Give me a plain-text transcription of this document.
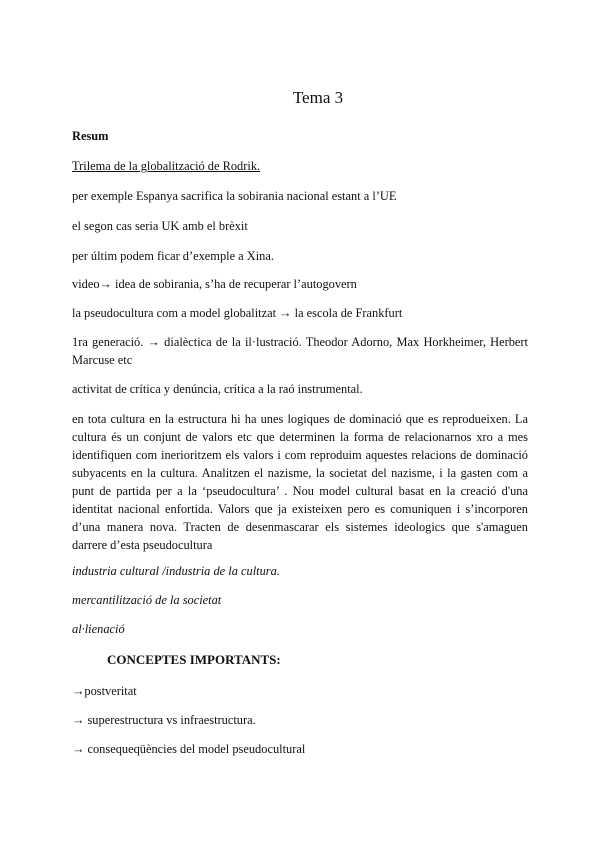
Tema 3

Resum

Trilema de la globalització de Rodrik.

per exemple Espanya sacrifica la sobirania nacional estant a l’UE

el segon cas seria UK amb el brèxit

per últim podem ficar d’exemple a Xina.

video→ idea de sobirania, s’ha de recuperar l’autogovern

la pseudocultura com a model globalitzat → la escola de Frankfurt

1ra generació. → dialèctica de la il·lustració. Theodor Adorno, Max Horkheimer, Herbert Marcuse etc

activitat de crítica y denúncia, crítica a la raó instrumental.

en tota cultura en la estructura hi ha unes logiques de dominació que es reprodueixen. La cultura és un conjunt de valors etc que determinen la forma de relacionarnos xro a mes identifiquen com inerioritzem els valors i com reproduim aquestes relacions de dominació subyacents en la cultura. Analitzen el nazisme, la societat del nazisme, i la gasten com a punt de partida per a la ‘pseudocultura’ . Nou model cultural basat en la creació d'una identitat nacional enfortida. Valors que ja existeixen pero es comuniquen i s’incorporen d’una manera nova. Tracten de desenmascarar els sistemes ideologics que s'amaguen darrere d’esta pseudocultura

industria cultural /industria de la cultura.

mercantilització de la societat

al·lienació

CONCEPTES IMPORTANTS:

→postveritat

→ superestructura vs infraestructura.

→ consequeqüències del model pseudocultural
